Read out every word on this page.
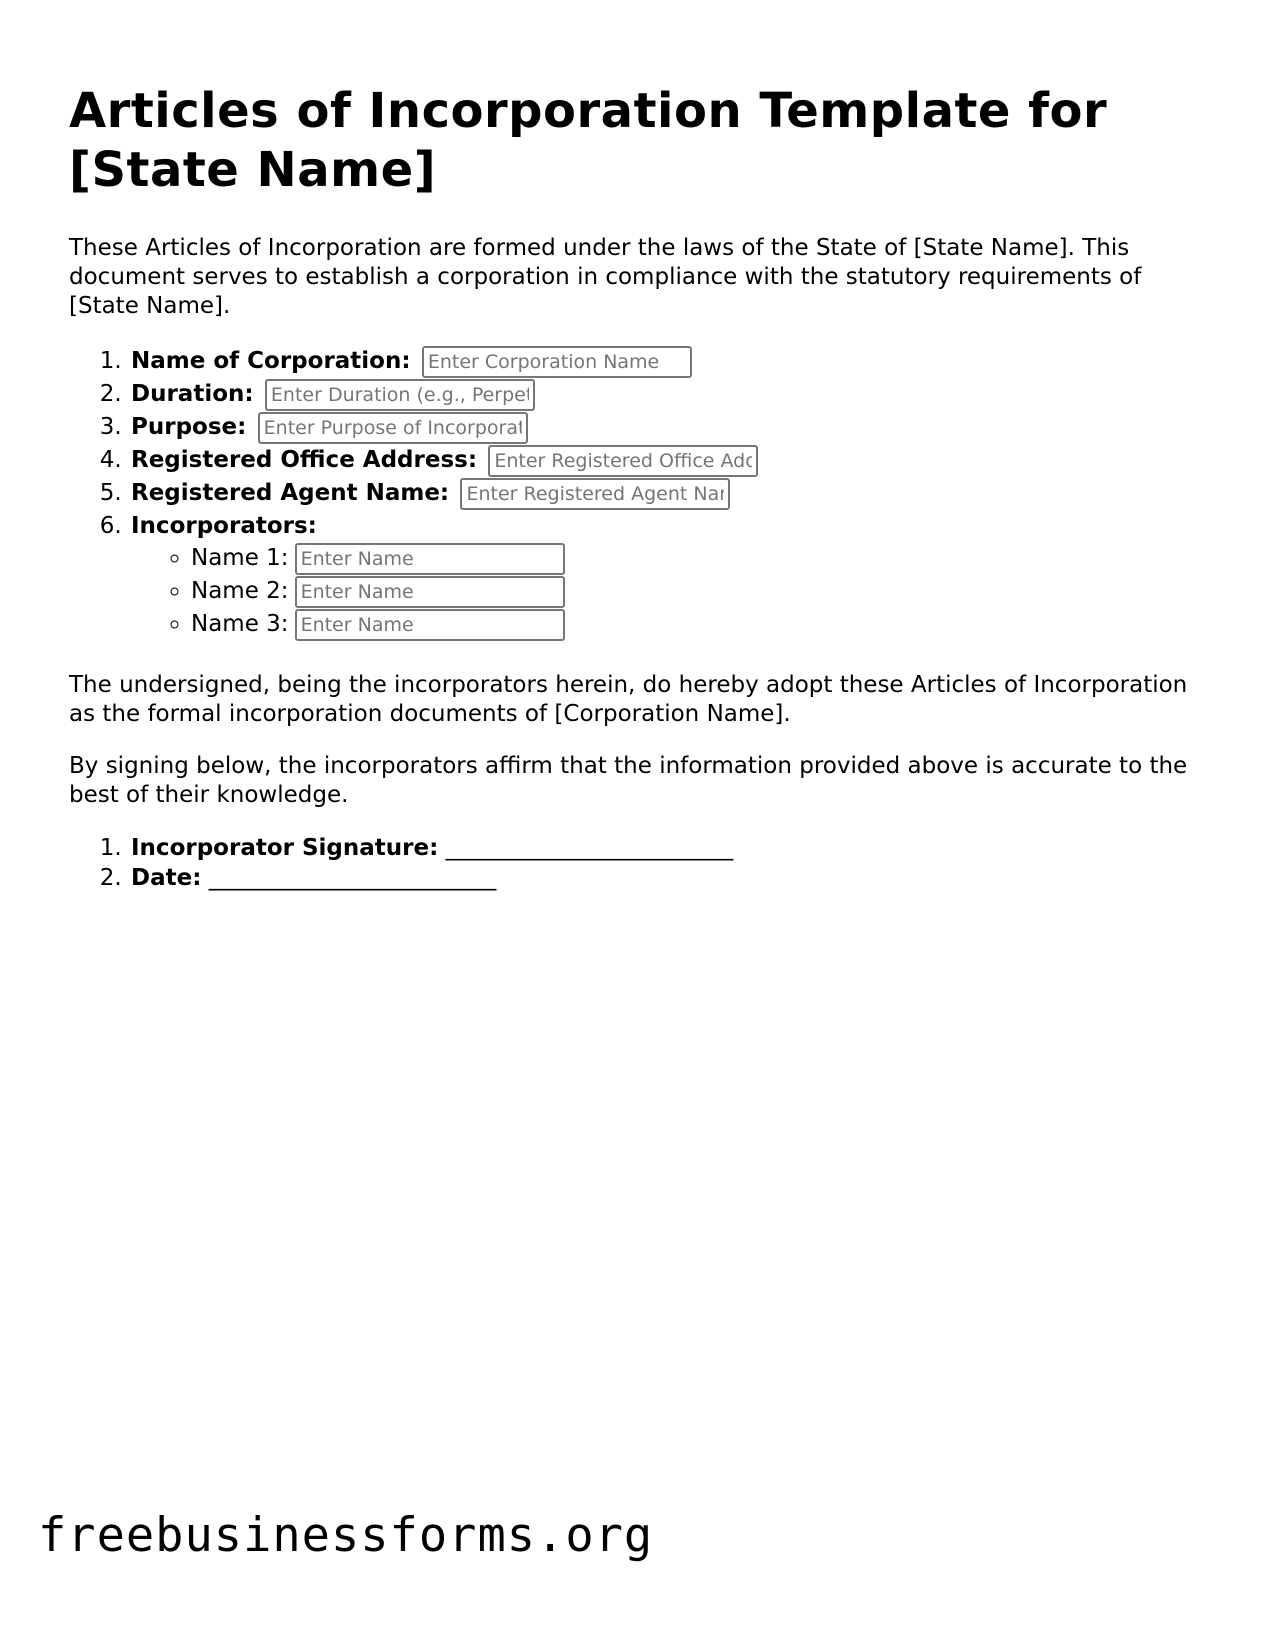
Articles of Incorporation Template for [State Name]

These Articles of Incorporation are formed under the laws of the State of [State Name]. This document serves to establish a corporation in compliance with the statutory requirements of [State Name].

1. Name of Corporation: Enter Corporation Name
2. Duration: Enter Duration (e.g., Perpetual)
3. Purpose: Enter Purpose of Incorporation
4. Registered Office Address: Enter Registered Office Address
5. Registered Agent Name: Enter Registered Agent Name
6. Incorporators:
◦ Name 1:Enter Name
◦ Name 2:Enter Name
◦ Name 3:Enter Name

The undersigned, being the incorporators herein, do hereby adopt these Articles of Incorporation as the formal incorporation documents of [Corporation Name].

By signing below, the incorporators affirm that the information provided above is accurate to the best of their knowledge.

1. Incorporator Signature: _________________________
2. Date: _________________________
freebusinessforms.org
